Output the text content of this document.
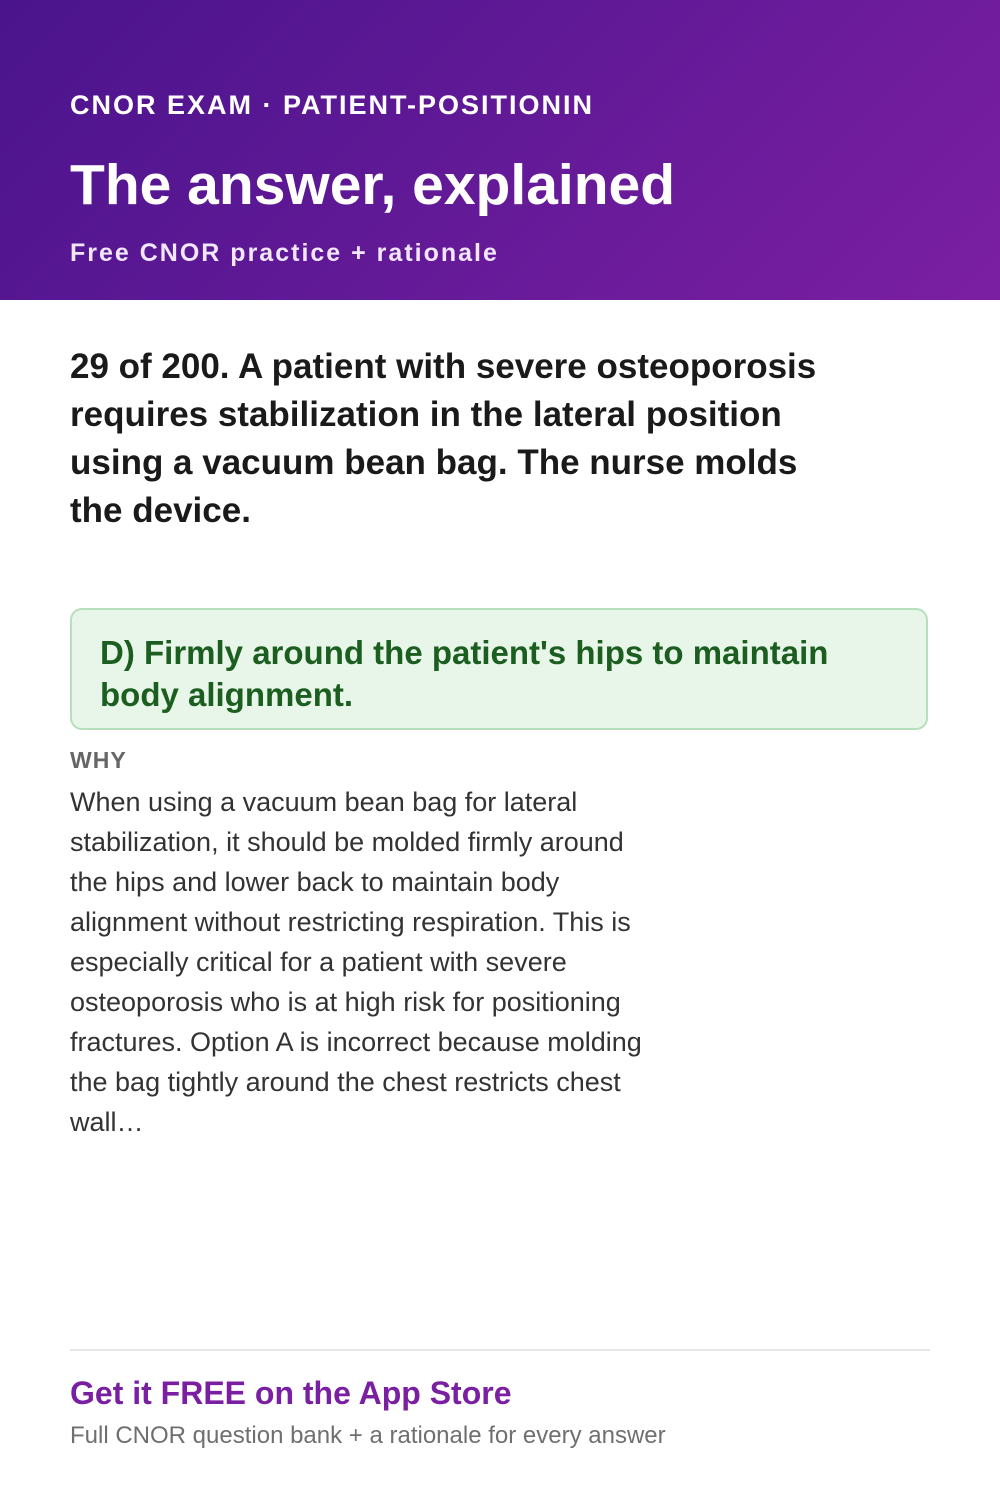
CNOR EXAM · PATIENT-POSITIONIN
The answer, explained
Free CNOR practice + rationale
29 of 200. A patient with severe osteoporosis requires stabilization in the lateral position using a vacuum bean bag. The nurse molds the device.
D) Firmly around the patient's hips to maintain body alignment.
WHY
When using a vacuum bean bag for lateral stabilization, it should be molded firmly around the hips and lower back to maintain body alignment without restricting respiration. This is especially critical for a patient with severe osteoporosis who is at high risk for positioning fractures. Option A is incorrect because molding the bag tightly around the chest restricts chest wall…
Get it FREE on the App Store
Full CNOR question bank + a rationale for every answer
